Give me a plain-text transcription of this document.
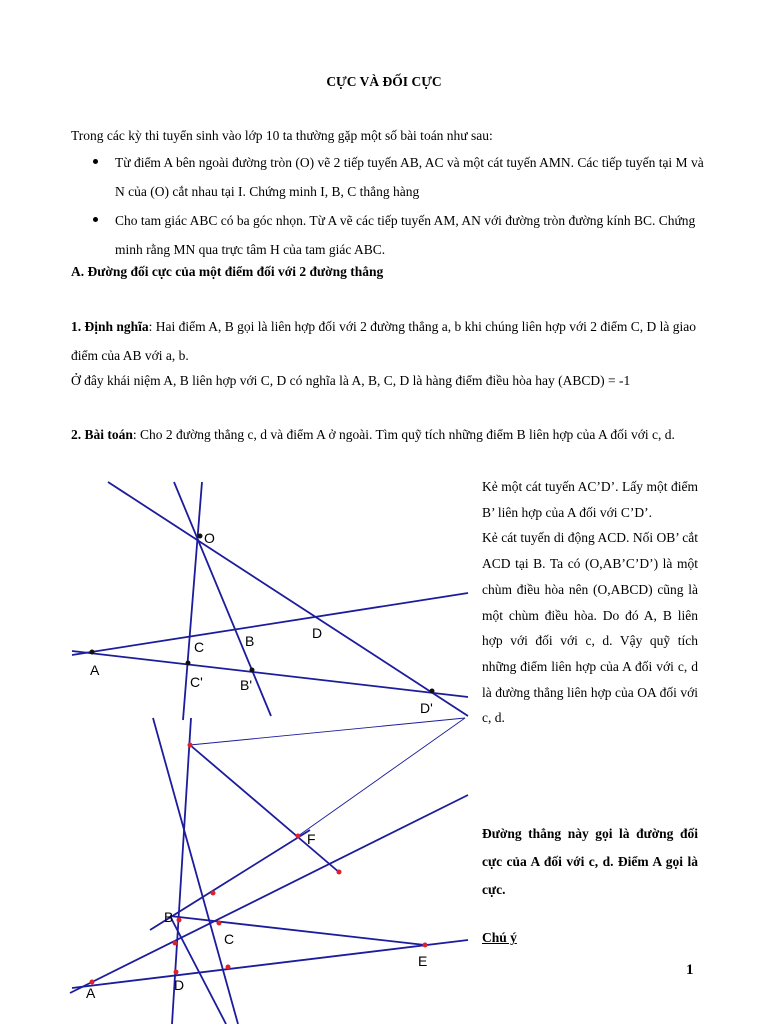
CỰC VÀ ĐỐI CỰC
Trong các kỳ thi tuyển sinh vào lớp 10 ta thường gặp một số bài toán như sau:
Từ điểm A bên ngoài đường tròn (O) vẽ 2 tiếp tuyến AB, AC và một cát tuyến AMN. Các tiếp tuyến tại M và N của (O) cắt nhau tại I. Chứng minh I, B, C thẳng hàng
Cho tam giác ABC có ba góc nhọn. Từ A vẽ các tiếp tuyến AM, AN với đường tròn đường kính BC. Chứng minh rằng MN qua trực tâm H của tam giác ABC.
A. Đường đối cực của một điểm đối với 2 đường thẳng
1. Định nghĩa: Hai điểm A, B gọi là liên hợp đối với 2 đường thẳng a, b khi chúng liên hợp với 2 điểm C, D là giao điểm của AB với a, b.
Ở đây khái niệm A, B liên hợp với C, D có nghĩa là A, B, C, D là hàng điểm điều hòa hay (ABCD) = -1
2. Bài toán: Cho 2 đường thẳng c, d và điểm A ở ngoài. Tìm quỹ tích những điểm B liên hợp của A đối với c, d.

Kẻ một cát tuyến AC’D’. Lấy một điểm B’ liên hợp của A đối với C’D’.

Kẻ cát tuyến di động ACD. Nối OB’ cắt ACD tại B. Ta có (O,AB’C’D’) là một chùm điều hòa nên (O,ABCD) cũng là một chùm điều hòa. Do đó A, B liên hợp với đối với c, d. Vậy quỹ tích những điểm liên hợp của A đối với c, d là đường thẳng liên hợp của OA đối với c, d.

Đường thẳng này gọi là đường đối cực của A đối với c, d. Điểm A gọi là cực.
Chú ý
1
O
C
D
B
A
C'	B'
D'
F
B
C
E
A	D
